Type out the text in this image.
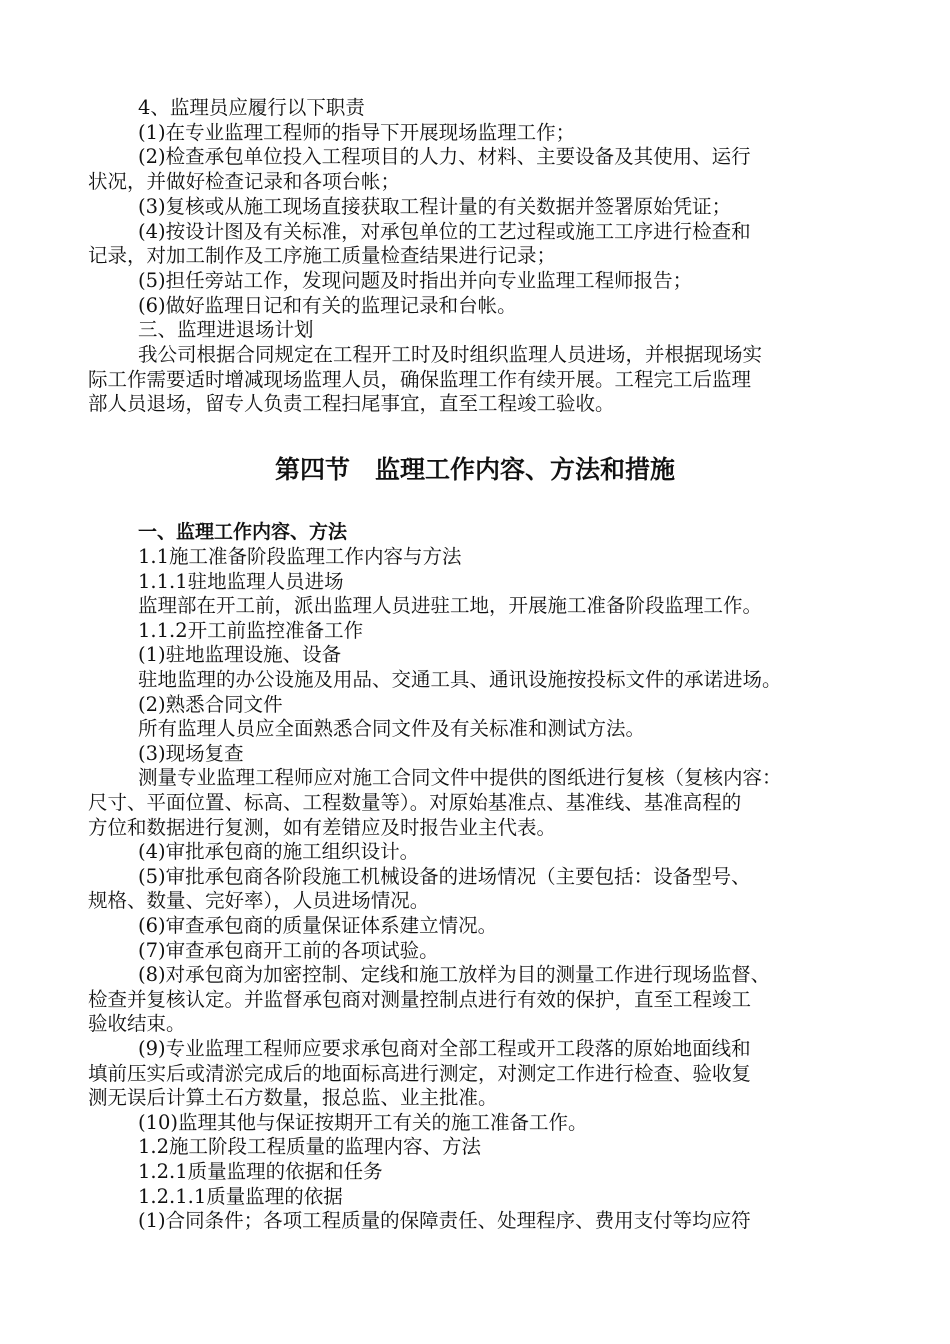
4、监理员应履行以下职责
(1)在专业监理工程师的指导下开展现场监理工作；
(2)检查承包单位投入工程项目的人力、材料、主要设备及其使用、运行
状况，并做好检查记录和各项台帐；
(3)复核或从施工现场直接获取工程计量的有关数据并签署原始凭证；
(4)按设计图及有关标准，对承包单位的工艺过程或施工工序进行检查和
记录，对加工制作及工序施工质量检查结果进行记录；
(5)担任旁站工作，发现问题及时指出并向专业监理工程师报告；
(6)做好监理日记和有关的监理记录和台帐。
三、监理进退场计划
我公司根据合同规定在工程开工时及时组织监理人员进场，并根据现场实
际工作需要适时增减现场监理人员，确保监理工作有续开展。工程完工后监理
部人员退场，留专人负责工程扫尾事宜，直至工程竣工验收。
第四节　监理工作内容、方法和措施
一、监理工作内容、方法
1.1施工准备阶段监理工作内容与方法
1.1.1驻地监理人员进场
监理部在开工前，派出监理人员进驻工地，开展施工准备阶段监理工作。
1.1.2开工前监控准备工作
(1)驻地监理设施、设备
驻地监理的办公设施及用品、交通工具、通讯设施按投标文件的承诺进场。
(2)熟悉合同文件
所有监理人员应全面熟悉合同文件及有关标准和测试方法。
(3)现场复查
测量专业监理工程师应对施工合同文件中提供的图纸进行复核（复核内容：
尺寸、平面位置、标高、工程数量等）。对原始基准点、基准线、基准高程的
方位和数据进行复测，如有差错应及时报告业主代表。
(4)审批承包商的施工组织设计。
(5)审批承包商各阶段施工机械设备的进场情况（主要包括：设备型号、
规格、数量、完好率），人员进场情况。
(6)审查承包商的质量保证体系建立情况。
(7)审查承包商开工前的各项试验。
(8)对承包商为加密控制、定线和施工放样为目的测量工作进行现场监督、
检查并复核认定。并监督承包商对测量控制点进行有效的保护，直至工程竣工
验收结束。
(9)专业监理工程师应要求承包商对全部工程或开工段落的原始地面线和
填前压实后或清淤完成后的地面标高进行测定，对测定工作进行检查、验收复
测无误后计算土石方数量，报总监、业主批准。
(10)监理其他与保证按期开工有关的施工准备工作。
1.2施工阶段工程质量的监理内容、方法
1.2.1质量监理的依据和任务
1.2.1.1质量监理的依据
(1)合同条件；各项工程质量的保障责任、处理程序、费用支付等均应符
